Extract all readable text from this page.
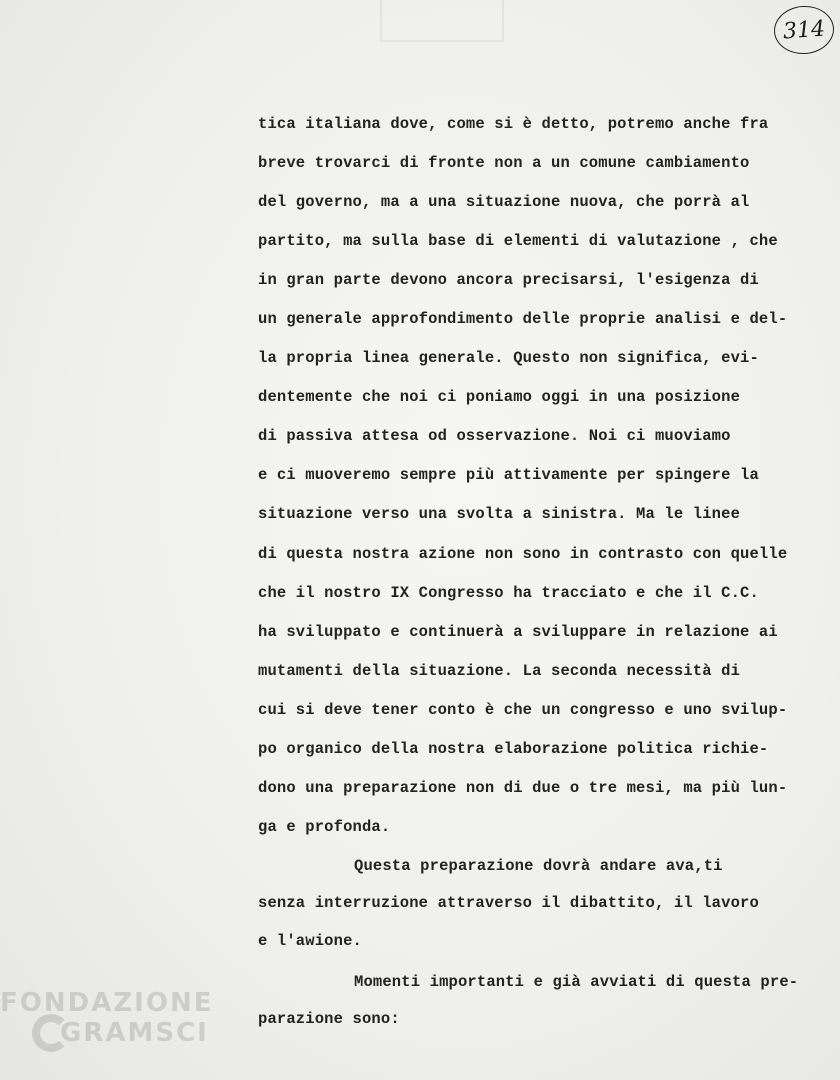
314
tica italiana dove, come si è detto, potremo anche fra
breve trovarci di fronte non a un comune cambiamento
del governo, ma a una situazione nuova, che porrà al
partito, ma sulla base di elementi di valutazione , che
in gran parte devono ancora precisarsi, l'esigenza di
un generale approfondimento delle proprie analisi e del-
la propria linea generale. Questo non significa, evi-
dentemente che noi ci poniamo oggi in una posizione
di passiva attesa od osservazione. Noi ci muoviamo
e ci muoveremo sempre più attivamente per spingere la
situazione verso una svolta a sinistra. Ma le linee
di questa nostra azione non sono in contrasto con quelle
che il nostro IX Congresso ha tracciato e che il C.C.
ha sviluppato e continuerà a sviluppare in relazione ai
mutamenti della situazione. La seconda necessità di
cui si deve tener conto è che un congresso e uno svilup-
po organico della nostra elaborazione politica richie-
dono una preparazione non di due o tre mesi, ma più lun-
ga e profonda.
Questa preparazione dovrà andare ava,ti
senza interruzione attraverso il dibattito, il lavoro
e l'awione.
Momenti importanti e già avviati di questa pre-
parazione sono:
FONDAZIONE
GRAMSCI
